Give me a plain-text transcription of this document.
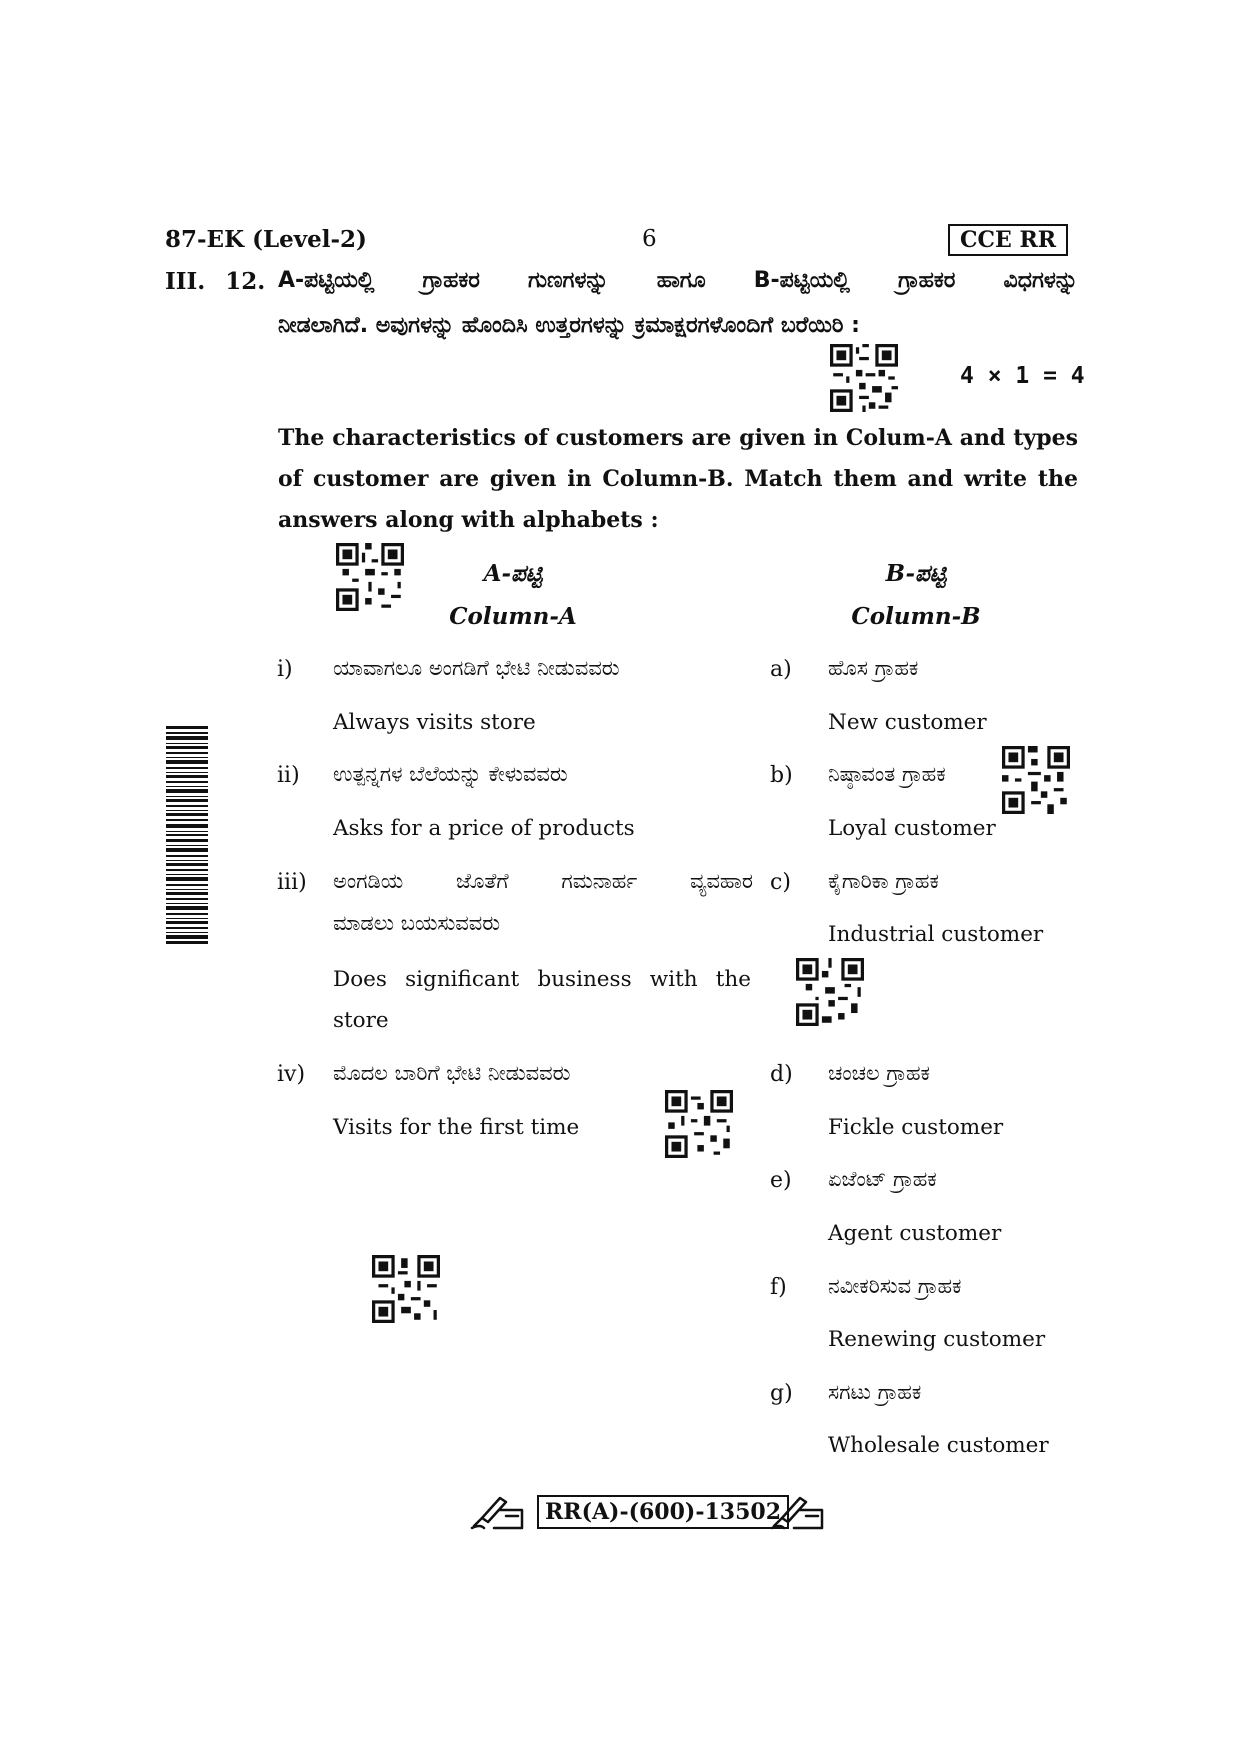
87-EK (Level-2)	6	CCE RR
III. 12. A-ಪಟ್ಟಿಯಲ್ಲಿ ಗ್ರಾಹಕರ ಗುಣಗಳನ್ನು ಹಾಗೂ B-ಪಟ್ಟಿಯಲ್ಲಿ ಗ್ರಾಹಕರ ವಿಧಗಳನ್ನು
ನೀಡಲಾಗಿದೆ. ಅವುಗಳನ್ನು ಹೊಂದಿಸಿ ಉತ್ತರಗಳನ್ನು ಕ್ರಮಾಕ್ಷರಗಳೊಂದಿಗೆ ಬರೆಯಿರಿ :
4 × 1 = 4
The characteristics of customers are given in Colum-A and types of customer are given in Column-B. Match them and write the answers along with alphabets :
A-ಪಟ್ಟಿ
Column-A
B-ಪಟ್ಟಿ
Column-B
i) ಯಾವಾಗಲೂ ಅಂಗಡಿಗೆ ಭೇಟಿ ನೀಡುವವರು
Always visits store
ii) ಉತ್ಪನ್ನಗಳ ಬೆಲೆಯನ್ನು ಕೇಳುವವರು
Asks for a price of products
iii) ಅಂಗಡಿಯ ಜೊತೆಗೆ ಗಮನಾರ್ಹ ವ್ಯವಹಾರ
ಮಾಡಲು ಬಯಸುವವರು
Does significant business with the
store
iv) ಮೊದಲ ಬಾರಿಗೆ ಭೇಟಿ ನೀಡುವವರು
Visits for the first time
a) ಹೊಸ ಗ್ರಾಹಕ
New customer
b) ನಿಷ್ಠಾವಂತ ಗ್ರಾಹಕ
Loyal customer
c) ಕೈಗಾರಿಕಾ ಗ್ರಾಹಕ
Industrial customer
d) ಚಂಚಲ ಗ್ರಾಹಕ
Fickle customer
e) ಏಜೆಂಟ್ ಗ್ರಾಹಕ
Agent customer
f) ನವೀಕರಿಸುವ ಗ್ರಾಹಕ
Renewing customer
g) ಸಗಟು ಗ್ರಾಹಕ
Wholesale customer
RR(A)-(600)-13502
